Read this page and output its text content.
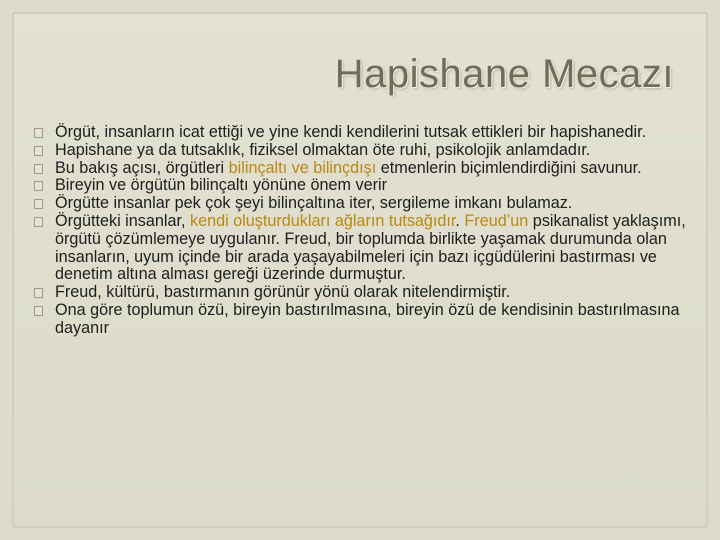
Hapishane Mecazı
Örgüt, insanların icat ettiği ve yine kendi kendilerini tutsak ettikleri bir hapishanedir.
Hapishane ya da tutsaklık, fiziksel olmaktan öte ruhi, psikolojik anlamdadır.
Bu bakış açısı, örgütleri bilinçaltı ve bilinçdışı etmenlerin biçimlendirdiğini savunur.
Bireyin ve örgütün bilinçaltı yönüne önem verir
Örgütte insanlar pek çok şeyi bilinçaltına iter, sergileme imkanı bulamaz.
Örgütteki insanlar, kendi oluşturdukları ağların tutsağıdır. Freud’un psikanalist yaklaşımı, örgütü çözümlemeye uygulanır. Freud, bir toplumda birlikte yaşamak durumunda olan insanların, uyum içinde bir arada yaşayabilmeleri için bazı içgüdülerini bastırması ve denetim altına alması gereği üzerinde durmuştur.
Freud, kültürü, bastırmanın görünür yönü olarak nitelendirmiştir.
Ona göre toplumun özü, bireyin bastırılmasına, bireyin özü de kendisinin bastırılmasına dayanır
